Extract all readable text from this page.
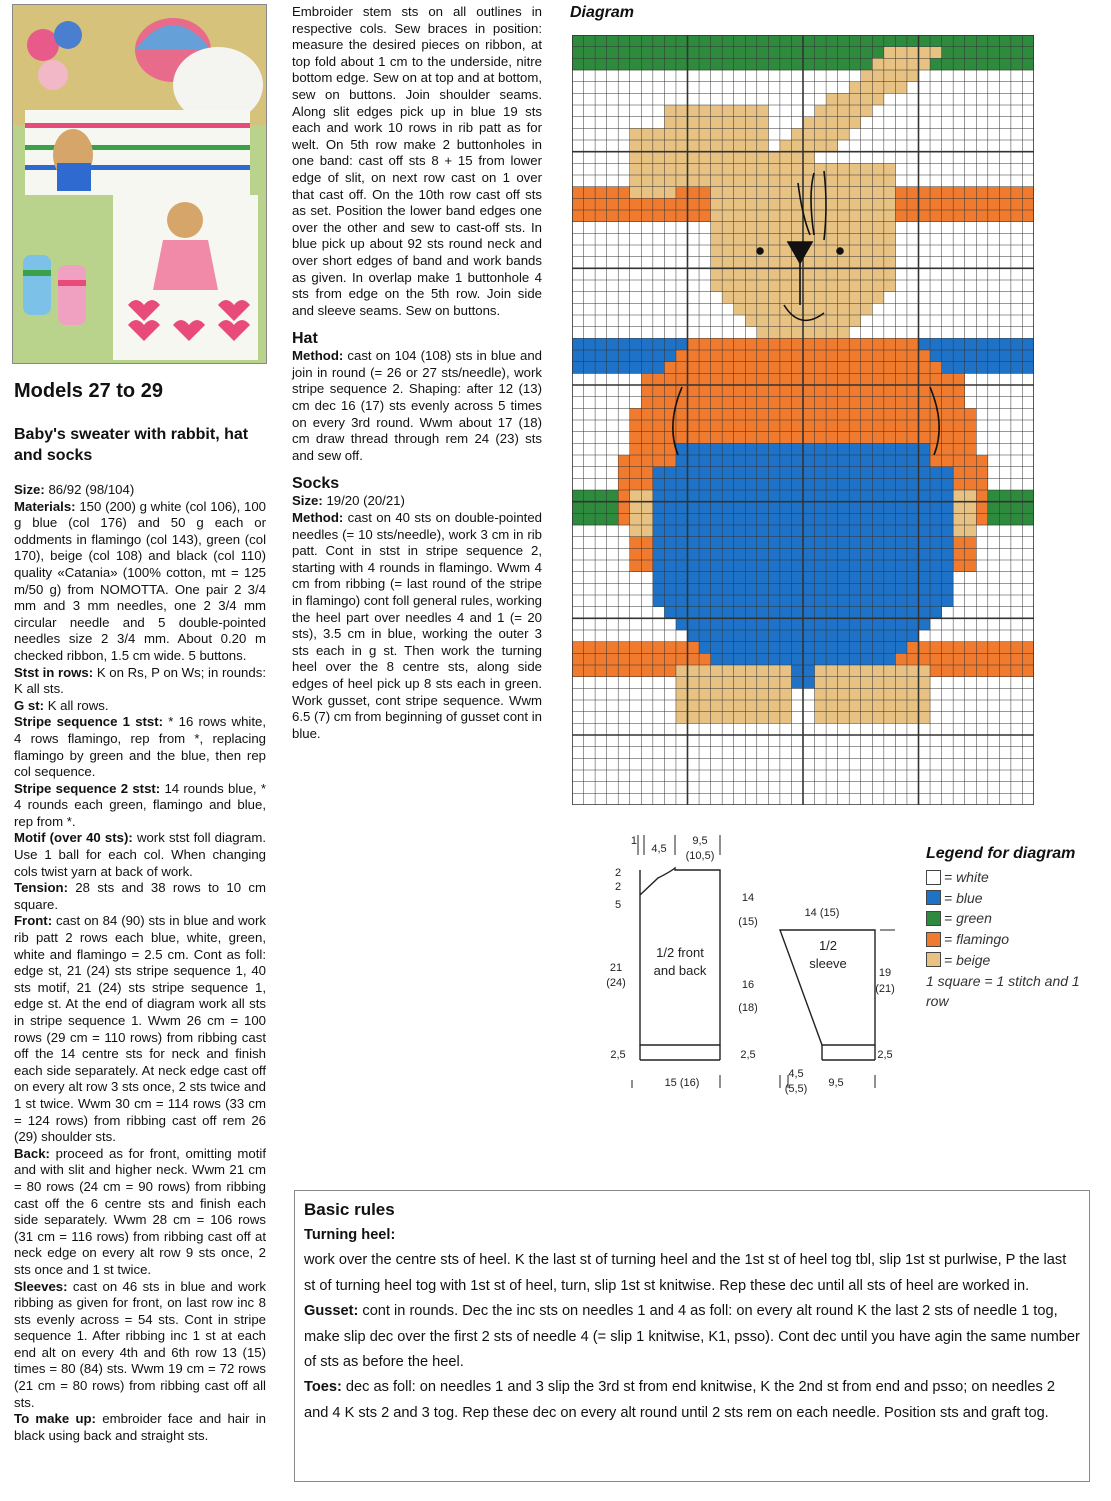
Models 27 to 29
Baby's sweater with rabbit, hat and socks

Size: 86/92 (98/104)

Materials: 150 (200) g white (col 106), 100 g blue (col 176) and 50 g each or oddments in flamingo (col 143), green (col 170), beige (col 108) and black (col 110) quality «Catania» (100% cotton, mt = 125 m/50 g) from NOMOTTA. One pair 2 3/4 mm and 3 mm needles, one 2 3/4 mm circular needle and 5 double-pointed needles size 2 3/4 mm. About 0.20 m checked ribbon, 1.5 cm wide. 5 buttons.

Stst in rows: K on Rs, P on Ws; in rounds: K all sts.

G st: K all rows.

Stripe sequence 1 stst: * 16 rows white, 4 rows flamingo, rep from *, replacing flamingo by green and the blue, then rep col sequence.

Stripe sequence 2 stst: 14 rounds blue, * 4 rounds each green, flamingo and blue, rep from *.

Motif (over 40 sts): work stst foll diagram. Use 1 ball for each col. When changing cols twist yarn at back of work.

Tension: 28 sts and 38 rows to 10 cm square.

Front: cast on 84 (90) sts in blue and work rib patt 2 rows each blue, white, green, white and flamingo = 2.5 cm. Cont as foll: edge st, 21 (24) sts stripe sequence 1, 40 sts motif, 21 (24) sts stripe sequence 1, edge st. At the end of diagram work all sts in stripe sequence 1. Wwm 26 cm = 100 rows (29 cm = 110 rows) from ribbing cast off the 14 centre sts for neck and finish each side separately. At neck edge cast off on every alt row 3 sts once, 2 sts twice and 1 st twice. Wwm 30 cm = 114 rows (33 cm = 124 rows) from ribbing cast off rem 26 (29) shoulder sts.

Back: proceed as for front, omitting motif and with slit and higher neck. Wwm 21 cm = 80 rows (24 cm = 90 rows) from ribbing cast off the 6 centre sts and finish each side separately. Wwm 28 cm = 106 rows (31 cm = 116 rows) from ribbing cast off at neck edge on every alt row 9 sts once, 2 sts once and 1 st twice.

Sleeves: cast on 46 sts in blue and work ribbing as given for front, on last row inc 8 sts evenly across = 54 sts. Cont in stripe sequence 1. After ribbing inc 1 st at each end alt on every 4th and 6th row 13 (15) times = 80 (84) sts. Wwm 19 cm = 72 rows (21 cm = 80 rows) from ribbing cast off all sts.

To make up: embroider face and hair in black using back and straight sts.

Embroider stem sts on all outlines in respective cols. Sew braces in position: measure the desired pieces on ribbon, at top fold about 1 cm to the underside, nitre bottom edge. Sew on at top and at bottom, sew on buttons. Join shoulder seams. Along slit edges pick up in blue 19 sts each and work 10 rows in rib patt as for welt. On 5th row make 2 buttonholes in one band: cast off sts 8 + 15 from lower edge of slit, on next row cast on 1 over that cast off. On the 10th row cast off sts as set. Position the lower band edges one over the other and sew to cast-off sts. In blue pick up about 92 sts round neck and over short edges of band and work bands as given. In overlap make 1 buttonhole 4 sts from edge on the 5th row. Join side and sleeve seams. Sew on buttons.

Hat

Method: cast on 104 (108) sts in blue and join in round (= 26 or 27 sts/needle), work stripe sequence 2. Shaping: after 12 (13) cm dec 16 (17) sts evenly across 5 times on every 3rd round. Wwm about 17 (18) cm draw thread through rem 24 (23) sts and sew off.

Socks

Size: 19/20 (20/21)

Method: cast on 40 sts on double-pointed needles (= 10 sts/needle), work 3 cm in rib patt. Cont in stst in stripe sequence 2, starting with 4 rounds in flamingo. Wwm 4 cm from ribbing (= last round of the stripe in flamingo) cont foll general rules, working the heel part over needles 4 and 1 (= 20 sts), 3.5 cm in blue, working the outer 3 sts each in g st. Then work the turning heel over the 8 centre sts, along side edges of heel pick up 8 sts each in green. Work gusset, cont stripe sequence. Wwm 6.5 (7) cm from beginning of gusset cont in blue.

Diagram
1/2 front
and back
1/2
sleeve
1
4,5
9,5
(10,5)
2
2
5
21
(24)
2,5
14
(15)
16
(18)
2,5
15 (16)
14 (15)
19
(21)
2,5
4,5
(5,5) 9,5
Legend for diagram
= white
= blue
= green
= flamingo
= beige
1 square = 1 stitch and 1 row
Basic rules

Turning heel:

work over the centre sts of heel. K the last st of turning heel and the 1st st of heel tog tbl, slip 1st st purlwise, P the last st of turning heel tog with 1st st of heel, turn, slip 1st st knitwise. Rep these dec until all sts of heel are worked in.

Gusset: cont in rounds. Dec the inc sts on needles 1 and 4 as foll: on every alt round K the last 2 sts of needle 1 tog, make slip dec over the first 2 sts of needle 4 (= slip 1 knitwise, K1, psso). Cont dec until you have agin the same number of sts as before the heel.

Toes: dec as foll: on needles 1 and 3 slip the 3rd st from end knitwise, K the 2nd st from end and psso; on needles 2 and 4 K sts 2 and 3 tog. Rep these dec on every alt round until 2 sts rem on each needle. Position sts and graft tog.
